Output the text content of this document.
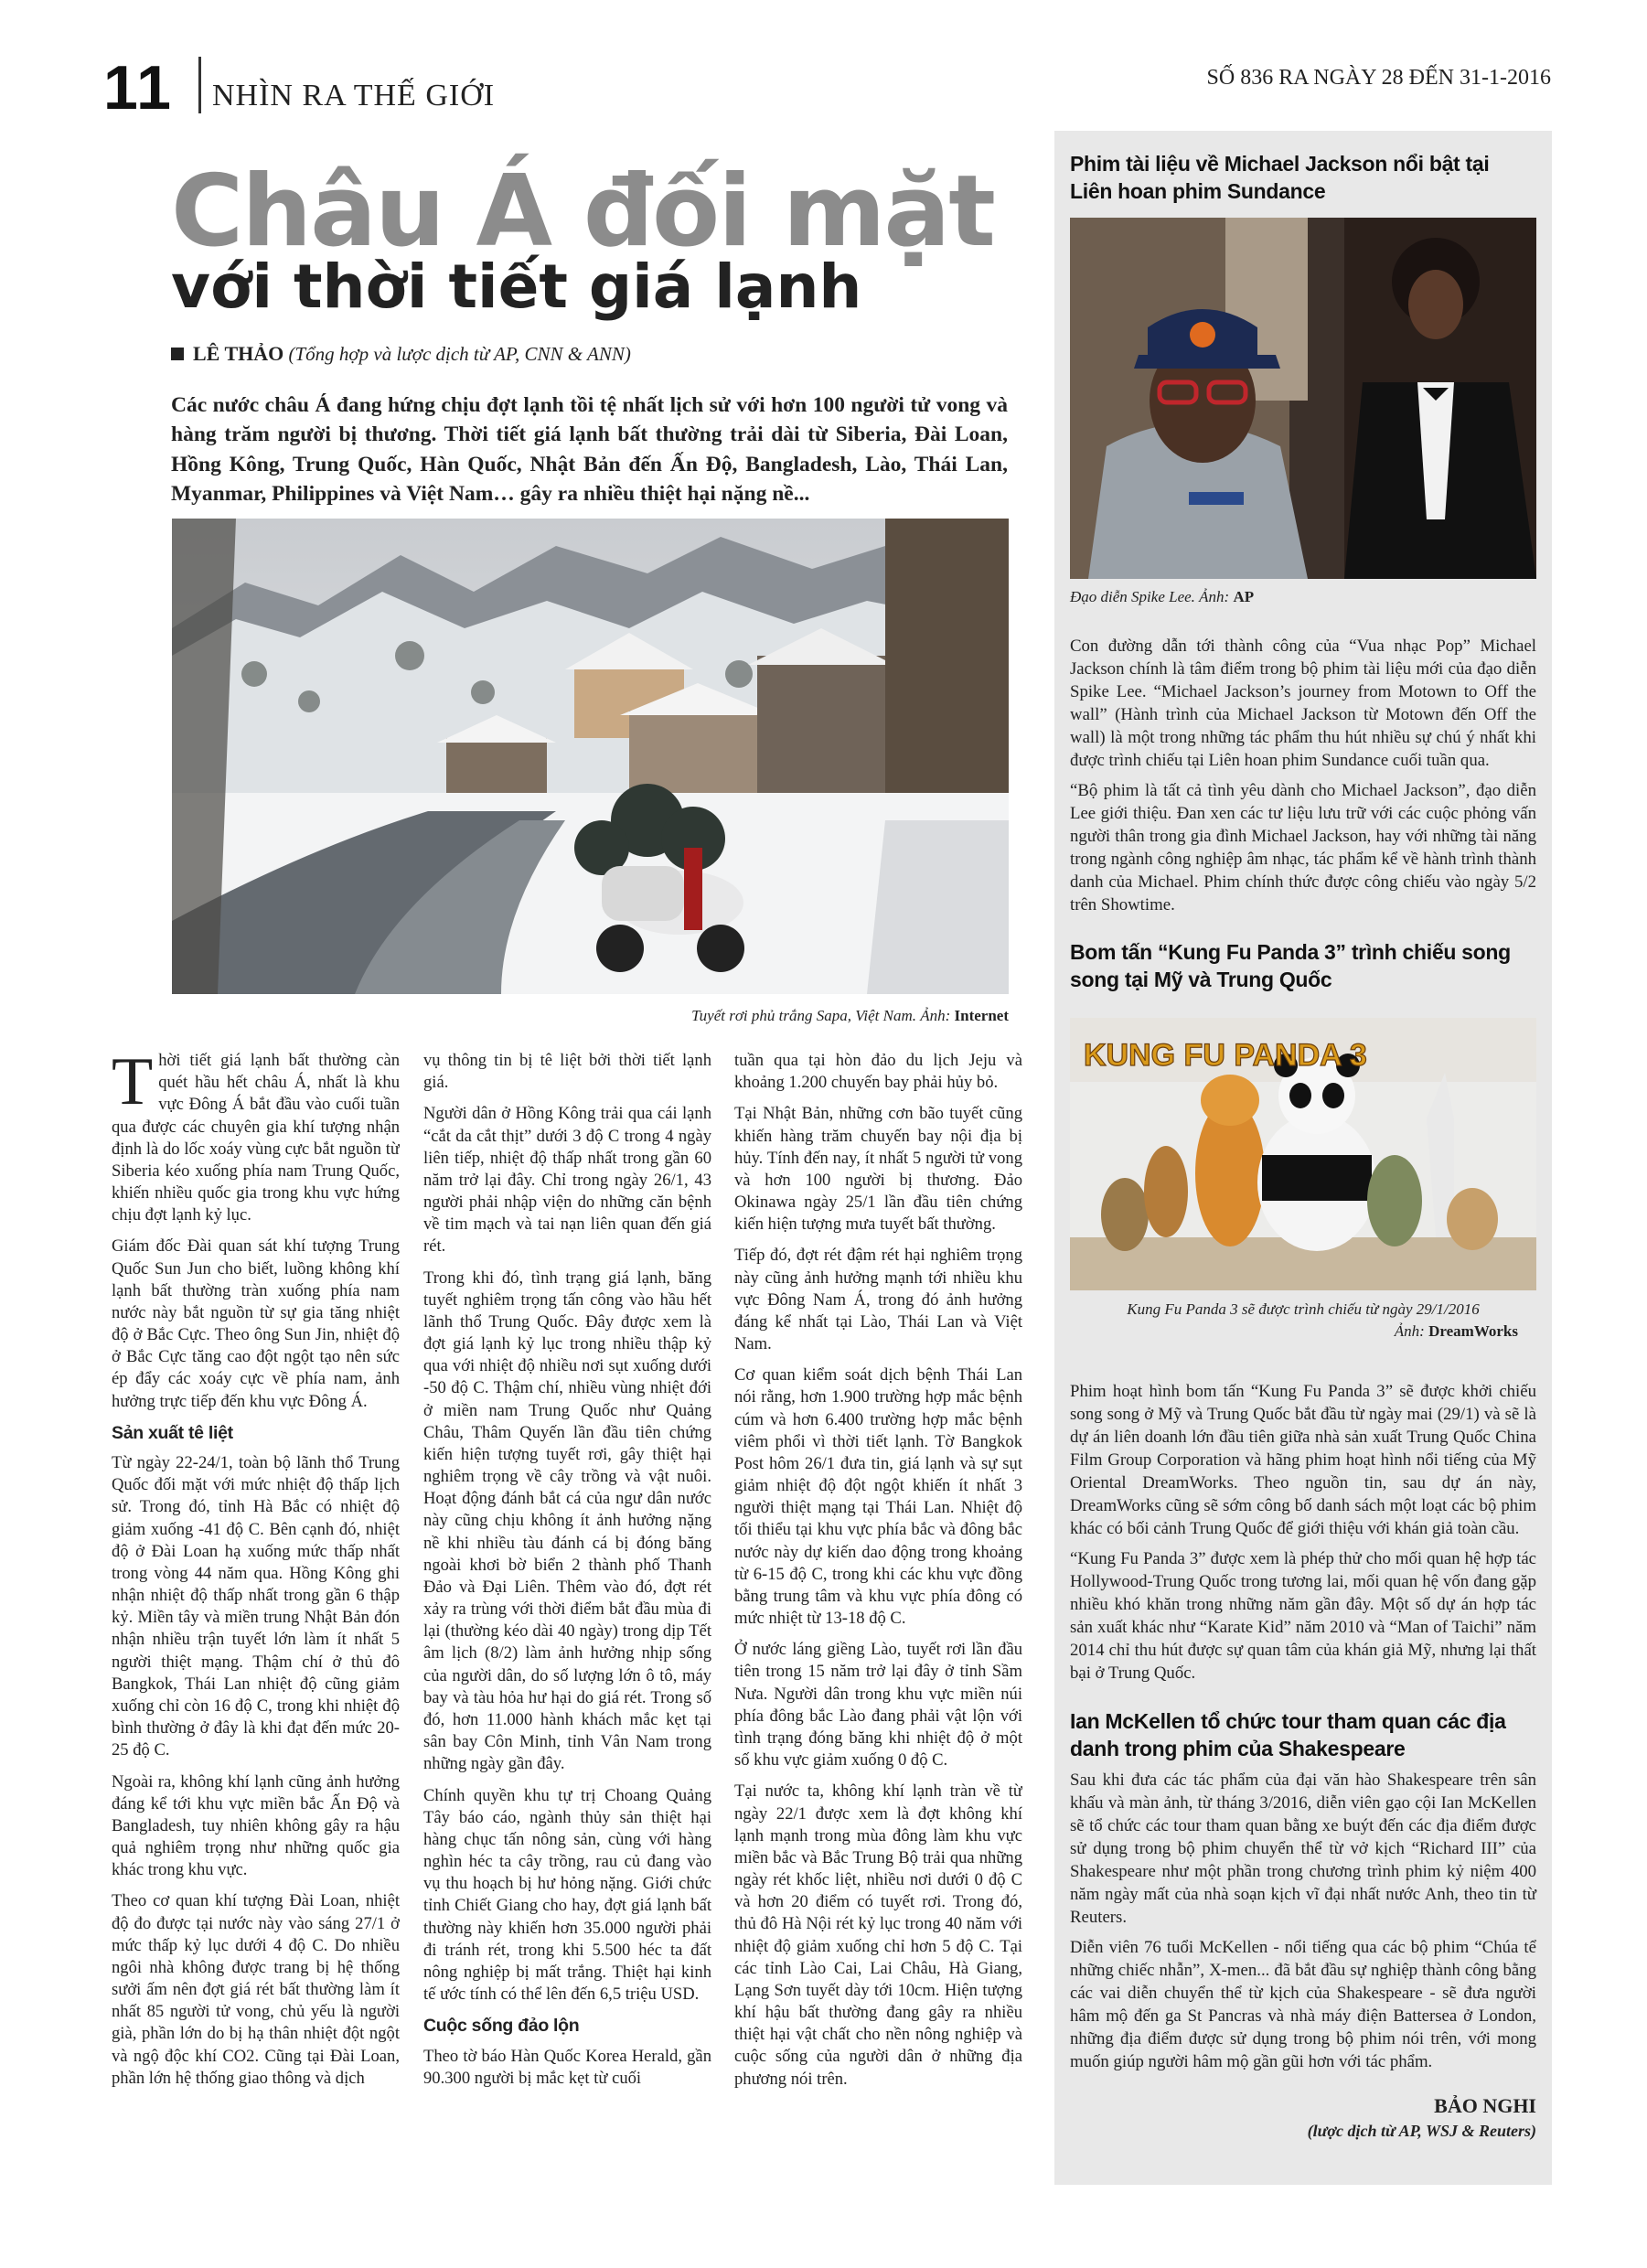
11 NHÌN RA THẾ GIỚI
SỐ 836 RA NGÀY 28 ĐẾN 31-1-2016
Châu Á đối mặt
với thời tiết giá lạnh
LÊ THẢO (Tổng hợp và lược dịch từ AP, CNN & ANN)
Các nước châu Á đang hứng chịu đợt lạnh tồi tệ nhất lịch sử với hơn 100 người tử vong và hàng trăm người bị thương. Thời tiết giá lạnh bất thường trải dài từ Siberia, Đài Loan, Hồng Kông, Trung Quốc, Hàn Quốc, Nhật Bản đến Ấn Độ, Bangladesh, Lào, Thái Lan, Myanmar, Philippines và Việt Nam… gây ra nhiều thiệt hại nặng nề...
Tuyết rơi phủ trắng Sapa, Việt Nam. Ảnh: Internet

Thời tiết giá lạnh bất thường càn quét hầu hết châu Á, nhất là khu vực Đông Á bắt đầu vào cuối tuần qua được các chuyên gia khí tượng nhận định là do lốc xoáy vùng cực bắt nguồn từ Siberia kéo xuống phía nam Trung Quốc, khiến nhiều quốc gia trong khu vực hứng chịu đợt lạnh kỷ lục.

Giám đốc Đài quan sát khí tượng Trung Quốc Sun Jun cho biết, luồng không khí lạnh bất thường tràn xuống phía nam nước này bắt nguồn từ sự gia tăng nhiệt độ ở Bắc Cực. Theo ông Sun Jin, nhiệt độ ở Bắc Cực tăng cao đột ngột tạo nên sức ép đẩy các xoáy cực về phía nam, ảnh hưởng trực tiếp đến khu vực Đông Á.

Sản xuất tê liệt

Từ ngày 22-24/1, toàn bộ lãnh thổ Trung Quốc đối mặt với mức nhiệt độ thấp lịch sử. Trong đó, tỉnh Hà Bắc có nhiệt độ giảm xuống -41 độ C. Bên cạnh đó, nhiệt độ ở Đài Loan hạ xuống mức thấp nhất trong vòng 44 năm qua. Hồng Kông ghi nhận nhiệt độ thấp nhất trong gần 6 thập kỷ. Miền tây và miền trung Nhật Bản đón nhận nhiều trận tuyết lớn làm ít nhất 5 người thiệt mạng. Thậm chí ở thủ đô Bangkok, Thái Lan nhiệt độ cũng giảm xuống chỉ còn 16 độ C, trong khi nhiệt độ bình thường ở đây là khi đạt đến mức 20-25 độ C.

Ngoài ra, không khí lạnh cũng ảnh hưởng đáng kể tới khu vực miền bắc Ấn Độ và Bangladesh, tuy nhiên không gây ra hậu quả nghiêm trọng như những quốc gia khác trong khu vực.

Theo cơ quan khí tượng Đài Loan, nhiệt độ đo được tại nước này vào sáng 27/1 ở mức thấp kỷ lục dưới 4 độ C. Do nhiều ngôi nhà không được trang bị hệ thống sưởi ấm nên đợt giá rét bất thường làm ít nhất 85 người tử vong, chủ yếu là người già, phần lớn do bị hạ thân nhiệt đột ngột và ngộ độc khí CO2. Cũng tại Đài Loan, phần lớn hệ thống giao thông và dịch

vụ thông tin bị tê liệt bởi thời tiết lạnh giá.

Người dân ở Hồng Kông trải qua cái lạnh “cắt da cắt thịt” dưới 3 độ C trong 4 ngày liên tiếp, nhiệt độ thấp nhất trong gần 60 năm trở lại đây. Chỉ trong ngày 26/1, 43 người phải nhập viện do những căn bệnh về tim mạch và tai nạn liên quan đến giá rét.

Trong khi đó, tình trạng giá lạnh, băng tuyết nghiêm trọng tấn công vào hầu hết lãnh thổ Trung Quốc. Đây được xem là đợt giá lạnh kỷ lục trong nhiều thập kỷ qua với nhiệt độ nhiều nơi sụt xuống dưới -50 độ C. Thậm chí, nhiều vùng nhiệt đới ở miền nam Trung Quốc như Quảng Châu, Thâm Quyến lần đầu tiên chứng kiến hiện tượng tuyết rơi, gây thiệt hại nghiêm trọng về cây trồng và vật nuôi. Hoạt động đánh bắt cá của ngư dân nước này cũng chịu không ít ảnh hưởng nặng nề khi nhiều tàu đánh cá bị đóng băng ngoài khơi bờ biển 2 thành phố Thanh Đảo và Đại Liên. Thêm vào đó, đợt rét xảy ra trùng với thời điểm bắt đầu mùa đi lại (thường kéo dài 40 ngày) trong dịp Tết âm lịch (8/2) làm ảnh hưởng nhịp sống của người dân, do số lượng lớn ô tô, máy bay và tàu hỏa hư hại do giá rét. Trong số đó, hơn 11.000 hành khách mắc kẹt tại sân bay Côn Minh, tỉnh Vân Nam trong những ngày gần đây.

Chính quyền khu tự trị Choang Quảng Tây báo cáo, ngành thủy sản thiệt hại hàng chục tấn nông sản, cùng với hàng nghìn héc ta cây trồng, rau củ đang vào vụ thu hoạch bị hư hỏng nặng. Giới chức tỉnh Chiết Giang cho hay, đợt giá lạnh bất thường này khiến hơn 35.000 người phải đi tránh rét, trong khi 5.500 héc ta đất nông nghiệp bị mất trắng. Thiệt hại kinh tế ước tính có thể lên đến 6,5 triệu USD.

Cuộc sống đảo lộn

Theo tờ báo Hàn Quốc Korea Herald, gần 90.300 người bị mắc kẹt từ cuối

tuần qua tại hòn đảo du lịch Jeju và khoảng 1.200 chuyến bay phải hủy bỏ.

Tại Nhật Bản, những cơn bão tuyết cũng khiến hàng trăm chuyến bay nội địa bị hủy. Tính đến nay, ít nhất 5 người tử vong và hơn 100 người bị thương. Đảo Okinawa ngày 25/1 lần đầu tiên chứng kiến hiện tượng mưa tuyết bất thường.

Tiếp đó, đợt rét đậm rét hại nghiêm trọng này cũng ảnh hưởng mạnh tới nhiều khu vực Đông Nam Á, trong đó ảnh hưởng đáng kể nhất tại Lào, Thái Lan và Việt Nam.

Cơ quan kiểm soát dịch bệnh Thái Lan nói rằng, hơn 1.900 trường hợp mắc bệnh cúm và hơn 6.400 trường hợp mắc bệnh viêm phổi vì thời tiết lạnh. Tờ Bangkok Post hôm 26/1 đưa tin, giá lạnh và sự sụt giảm nhiệt độ đột ngột khiến ít nhất 3 người thiệt mạng tại Thái Lan. Nhiệt độ tối thiểu tại khu vực phía bắc và đông bắc nước này dự kiến dao động trong khoảng từ 6-15 độ C, trong khi các khu vực đồng bằng trung tâm và khu vực phía đông có mức nhiệt từ 13-18 độ C.

Ở nước láng giềng Lào, tuyết rơi lần đầu tiên trong 15 năm trở lại đây ở tỉnh Sầm Nưa. Người dân trong khu vực miền núi phía đông bắc Lào đang phải vật lộn với tình trạng đóng băng khi nhiệt độ ở một số khu vực giảm xuống 0 độ C.

Tại nước ta, không khí lạnh tràn về từ ngày 22/1 được xem là đợt không khí lạnh mạnh trong mùa đông làm khu vực miền bắc và Bắc Trung Bộ trải qua những ngày rét khốc liệt, nhiều nơi dưới 0 độ C và hơn 20 điểm có tuyết rơi. Trong đó, thủ đô Hà Nội rét kỷ lục trong 40 năm với nhiệt độ giảm xuống chỉ hơn 5 độ C. Tại các tỉnh Lào Cai, Lai Châu, Hà Giang, Lạng Sơn tuyết dày tới 10cm. Hiện tượng khí hậu bất thường đang gây ra nhiều thiệt hại vật chất cho nền nông nghiệp và cuộc sống của người dân ở những địa phương nói trên.

Phim tài liệu về Michael Jackson nổi bật tại Liên hoan phim Sundance
Đạo diễn Spike Lee. Ảnh: AP

Con đường dẫn tới thành công của “Vua nhạc Pop” Michael Jackson chính là tâm điểm trong bộ phim tài liệu mới của đạo diễn Spike Lee. “Michael Jackson’s journey from Motown to Off the wall” (Hành trình của Michael Jackson từ Motown đến Off the wall) là một trong những tác phẩm thu hút nhiều sự chú ý nhất khi được trình chiếu tại Liên hoan phim Sundance cuối tuần qua.

“Bộ phim là tất cả tình yêu dành cho Michael Jackson”, đạo diễn Lee giới thiệu. Đan xen các tư liệu lưu trữ với các cuộc phỏng vấn người thân trong gia đình Michael Jackson, hay với những tài năng trong ngành công nghiệp âm nhạc, tác phẩm kể về hành trình thành danh của Michael. Phim chính thức được công chiếu vào ngày 5/2 trên Showtime.

Bom tấn “Kung Fu Panda 3” trình chiếu song song tại Mỹ và Trung Quốc
KUNG FU PANDA 3
Kung Fu Panda 3 sẽ được trình chiếu từ ngày 29/1/2016
Ảnh: DreamWorks

Phim hoạt hình bom tấn “Kung Fu Panda 3” sẽ được khởi chiếu song song ở Mỹ và Trung Quốc bắt đầu từ ngày mai (29/1) và sẽ là dự án liên doanh lớn đầu tiên giữa nhà sản xuất Trung Quốc China Film Group Corporation và hãng phim hoạt hình nổi tiếng của Mỹ Oriental DreamWorks. Theo nguồn tin, sau dự án này, DreamWorks cũng sẽ sớm công bố danh sách một loạt các bộ phim khác có bối cảnh Trung Quốc để giới thiệu với khán giả toàn cầu.

“Kung Fu Panda 3” được xem là phép thử cho mối quan hệ hợp tác Hollywood-Trung Quốc trong tương lai, mối quan hệ vốn đang gặp nhiều khó khăn trong những năm gần đây. Một số dự án hợp tác sản xuất khác như “Karate Kid” năm 2010 và “Man of Taichi” năm 2014 chỉ thu hút được sự quan tâm của khán giả Mỹ, nhưng lại thất bại ở Trung Quốc.

Ian McKellen tổ chức tour tham quan các địa danh trong phim của Shakespeare

Sau khi đưa các tác phẩm của đại văn hào Shakespeare trên sân khấu và màn ảnh, từ tháng 3/2016, diễn viên gạo cội Ian McKellen sẽ tổ chức các tour tham quan bằng xe buýt đến các địa điểm được sử dụng trong bộ phim chuyển thể từ vở kịch “Richard III” của Shakespeare như một phần trong chương trình phim kỷ niệm 400 năm ngày mất của nhà soạn kịch vĩ đại nhất nước Anh, theo tin từ Reuters.

Diễn viên 76 tuổi McKellen - nổi tiếng qua các bộ phim “Chúa tể những chiếc nhẫn”, X-men... đã bắt đầu sự nghiệp thành công bằng các vai diễn chuyển thể từ kịch của Shakespeare - sẽ đưa người hâm mộ đến ga St Pancras và nhà máy điện Battersea ở London, những địa điểm được sử dụng trong bộ phim nói trên, với mong muốn giúp người hâm mộ gần gũi hơn với tác phẩm.

BẢO NGHI
(lược dịch từ AP, WSJ & Reuters)
